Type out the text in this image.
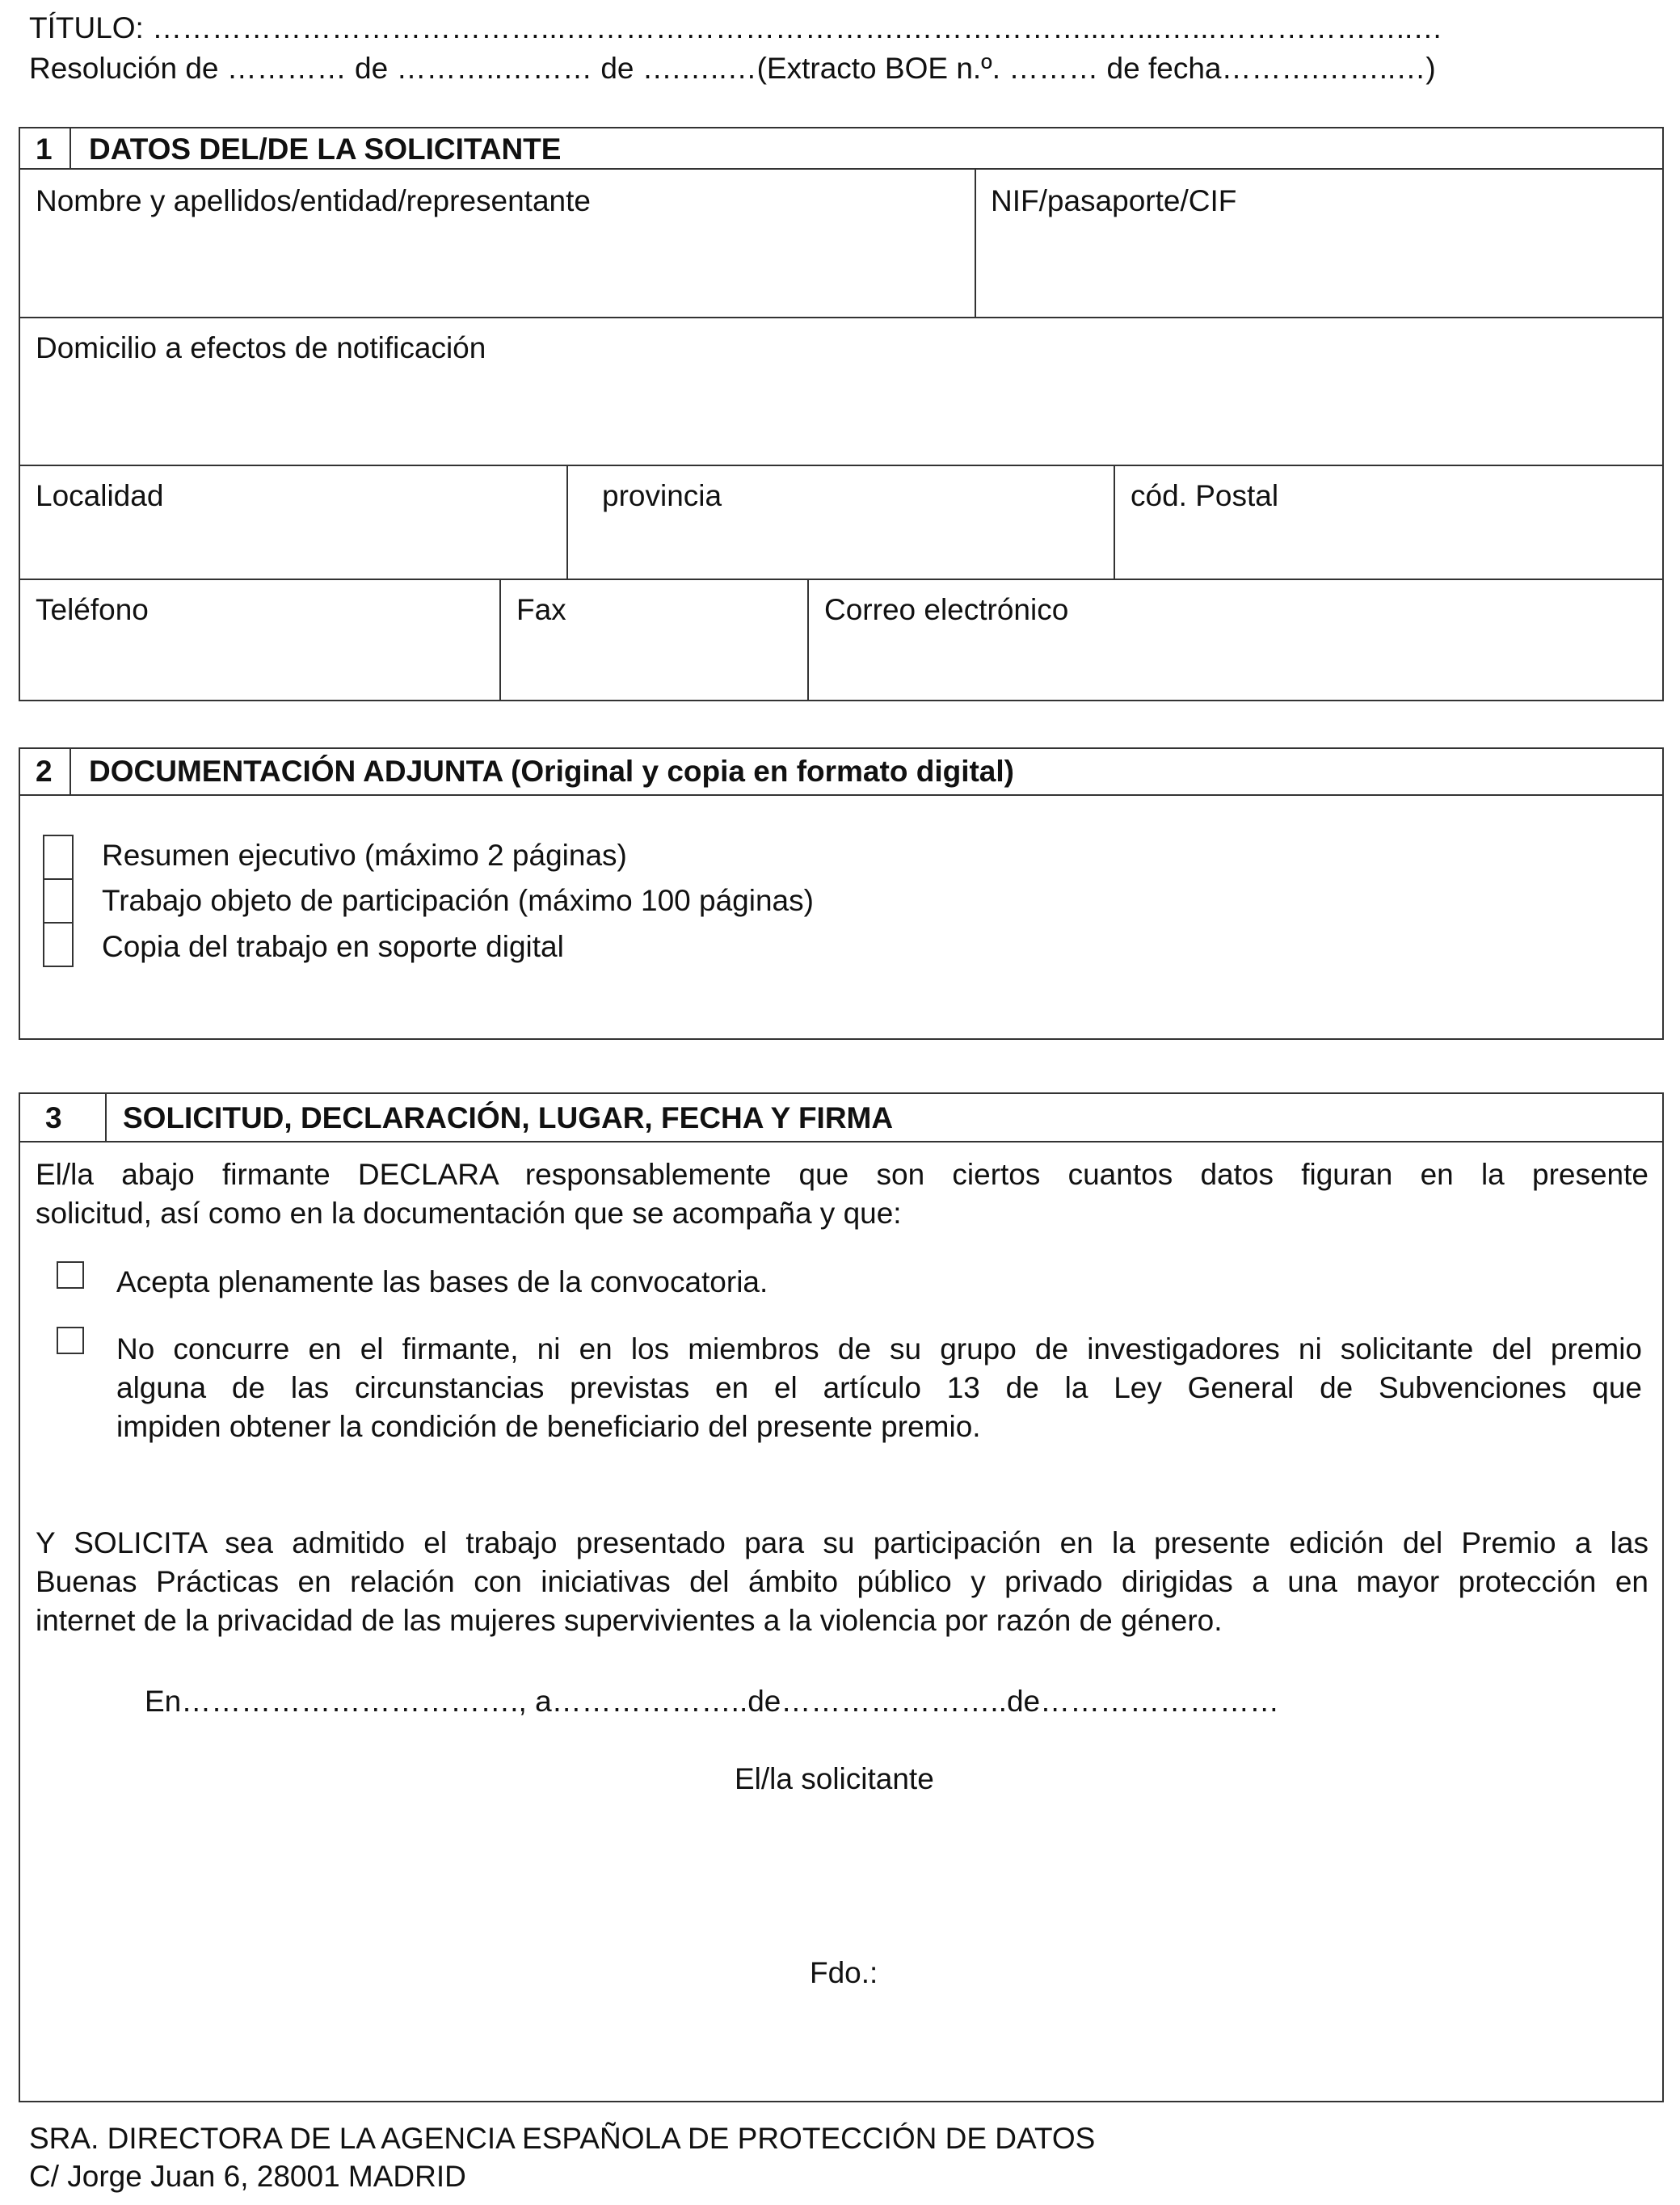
TÍTULO: …………………………………...…………………………….………………...…...…...………………..…
Resolución de ………… de ………..……… de ….…..…(Extracto BOE n.º. ……… de fecha……….……..…)
1 DATOS DEL/DE LA SOLICITANTE
Nombre y apellidos/entidad/representante	NIF/pasaporte/CIF
Domicilio a efectos de notificación
Localidad	provincia	cód. Postal
Teléfono	Fax	Correo electrónico
2 DOCUMENTACIÓN ADJUNTA (Original y copia en formato digital)
Resumen ejecutivo (máximo 2 páginas)
Trabajo objeto de participación (máximo 100 páginas)
Copia del trabajo en soporte digital
3 SOLICITUD, DECLARACIÓN, LUGAR, FECHA Y FIRMA
El/la abajo firmante DECLARA responsablemente que son ciertos cuantos datos figuran en la presente
solicitud, así como en la documentación que se acompaña y que:
Acepta plenamente las bases de la convocatoria.
No concurre en el firmante, ni en los miembros de su grupo de investigadores ni solicitante del premio
alguna de las circunstancias previstas en el artículo 13 de la Ley General de Subvenciones que
impiden obtener la condición de beneficiario del presente premio.
Y SOLICITA sea admitido el trabajo presentado para su participación en la presente edición del Premio a las
Buenas Prácticas en relación con iniciativas del ámbito público y privado dirigidas a una mayor protección en
internet de la privacidad de las mujeres supervivientes a la violencia por razón de género.
En……………………………., a………………..de…………………..de……………………
El/la solicitante
Fdo.:
SRA. DIRECTORA DE LA AGENCIA ESPAÑOLA DE PROTECCIÓN DE DATOS
C/ Jorge Juan 6, 28001 MADRID
